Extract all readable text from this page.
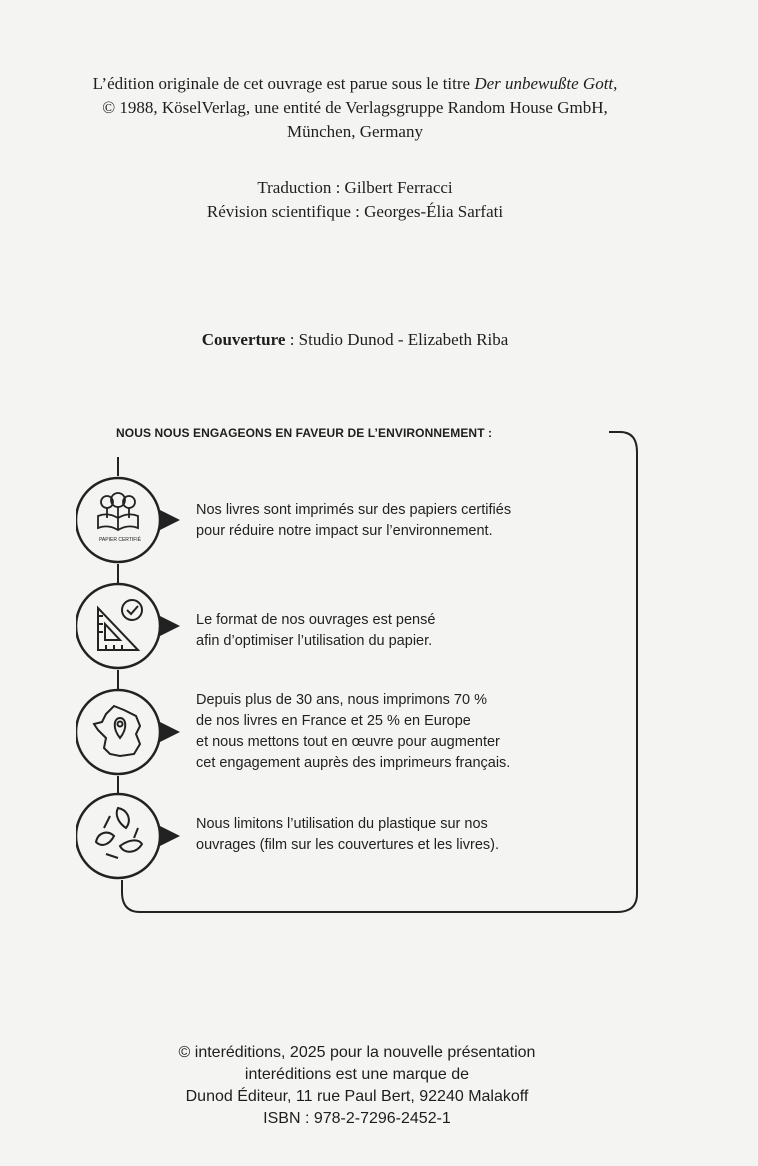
L’édition originale de cet ouvrage est parue sous le titre Der unbewußte Gott,
© 1988, KöselVerlag, une entité de Verlagsgruppe Random House GmbH,
München, Germany
Traduction : Gilbert Ferracci
Révision scientifique : Georges-Élia Sarfati
Couverture : Studio Dunod - Elizabeth Riba
NOUS NOUS ENGAGEONS EN FAVEUR DE L’ENVIRONNEMENT :
PAPIER CERTIFIÉ
Nos livres sont imprimés sur des papiers certifiés
pour réduire notre impact sur l’environnement.
Le format de nos ouvrages est pensé
afin d’optimiser l’utilisation du papier.
Depuis plus de 30 ans, nous imprimons 70 %
de nos livres en France et 25 % en Europe
et nous mettons tout en œuvre pour augmenter
cet engagement auprès des imprimeurs français.
Nous limitons l’utilisation du plastique sur nos
ouvrages (film sur les couvertures et les livres).
© interéditions, 2025 pour la nouvelle présentation
interéditions est une marque de
Dunod Éditeur, 11 rue Paul Bert, 92240 Malakoff
ISBN : 978-2-7296-2452-1
